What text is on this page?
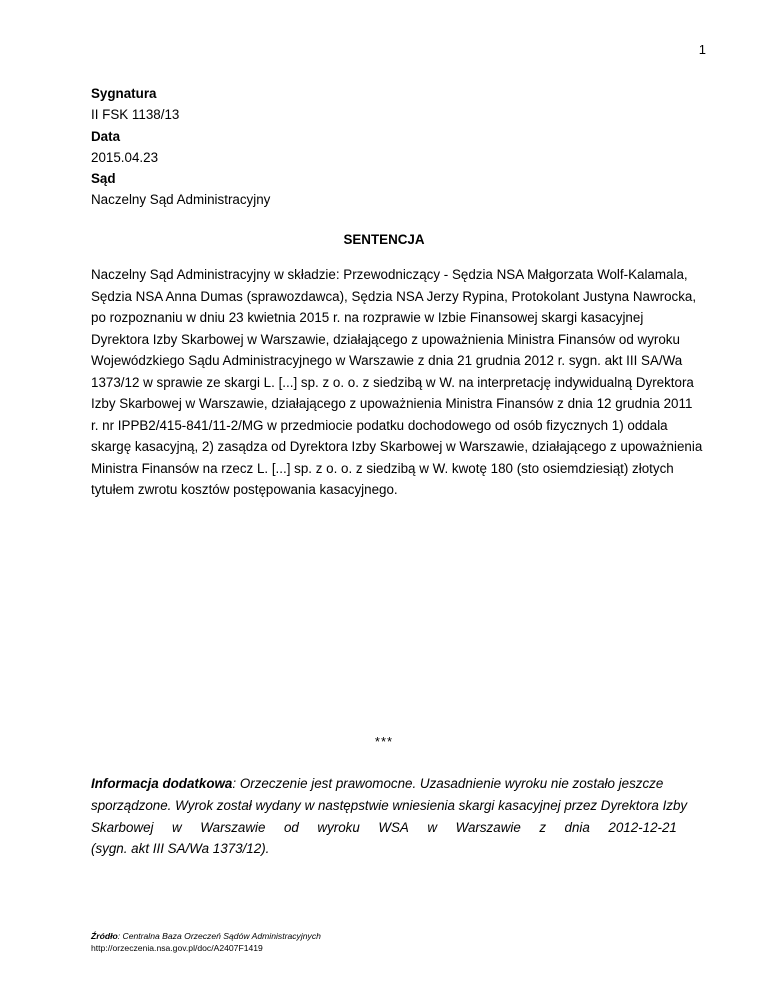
1
Sygnatura
II FSK 1138/13
Data
2015.04.23
Sąd
Naczelny Sąd Administracyjny
SENTENCJA
Naczelny Sąd Administracyjny w składzie: Przewodniczący - Sędzia NSA Małgorzata Wolf-Kalamala,
Sędzia NSA Anna Dumas (sprawozdawca), Sędzia NSA Jerzy Rypina, Protokolant Justyna Nawrocka,
po rozpoznaniu w dniu 23 kwietnia 2015 r. na rozprawie w Izbie Finansowej skargi kasacyjnej
Dyrektora Izby Skarbowej w Warszawie, działającego z upoważnienia Ministra Finansów od wyroku
Wojewódzkiego Sądu Administracyjnego w Warszawie z dnia 21 grudnia 2012 r. sygn. akt III SA/Wa
1373/12 w sprawie ze skargi L. [...] sp. z o. o. z siedzibą w W. na interpretację indywidualną Dyrektora
Izby Skarbowej w Warszawie, działającego z upoważnienia Ministra Finansów z dnia 12 grudnia 2011
r. nr IPPB2/415-841/11-2/MG w przedmiocie podatku dochodowego od osób fizycznych 1) oddala
skargę kasacyjną, 2) zasądza od Dyrektora Izby Skarbowej w Warszawie, działającego z upoważnienia
Ministra Finansów na rzecz L. [...] sp. z o. o. z siedzibą w W. kwotę 180 (sto osiemdziesiąt) złotych
tytułem zwrotu kosztów postępowania kasacyjnego.
***
Informacja dodatkowa: Orzeczenie jest prawomocne. Uzasadnienie wyroku nie zostało jeszcze
sporządzone. Wyrok został wydany w następstwie wniesienia skargi kasacyjnej przez Dyrektora Izby
Skarbowej w Warszawie od wyroku WSA w Warszawie z dnia 2012-12-21
(sygn. akt III SA/Wa 1373/12).
Źródło: Centralna Baza Orzeczeń Sądów Administracyjnych
http://orzeczenia.nsa.gov.pl/doc/A2407F1419
